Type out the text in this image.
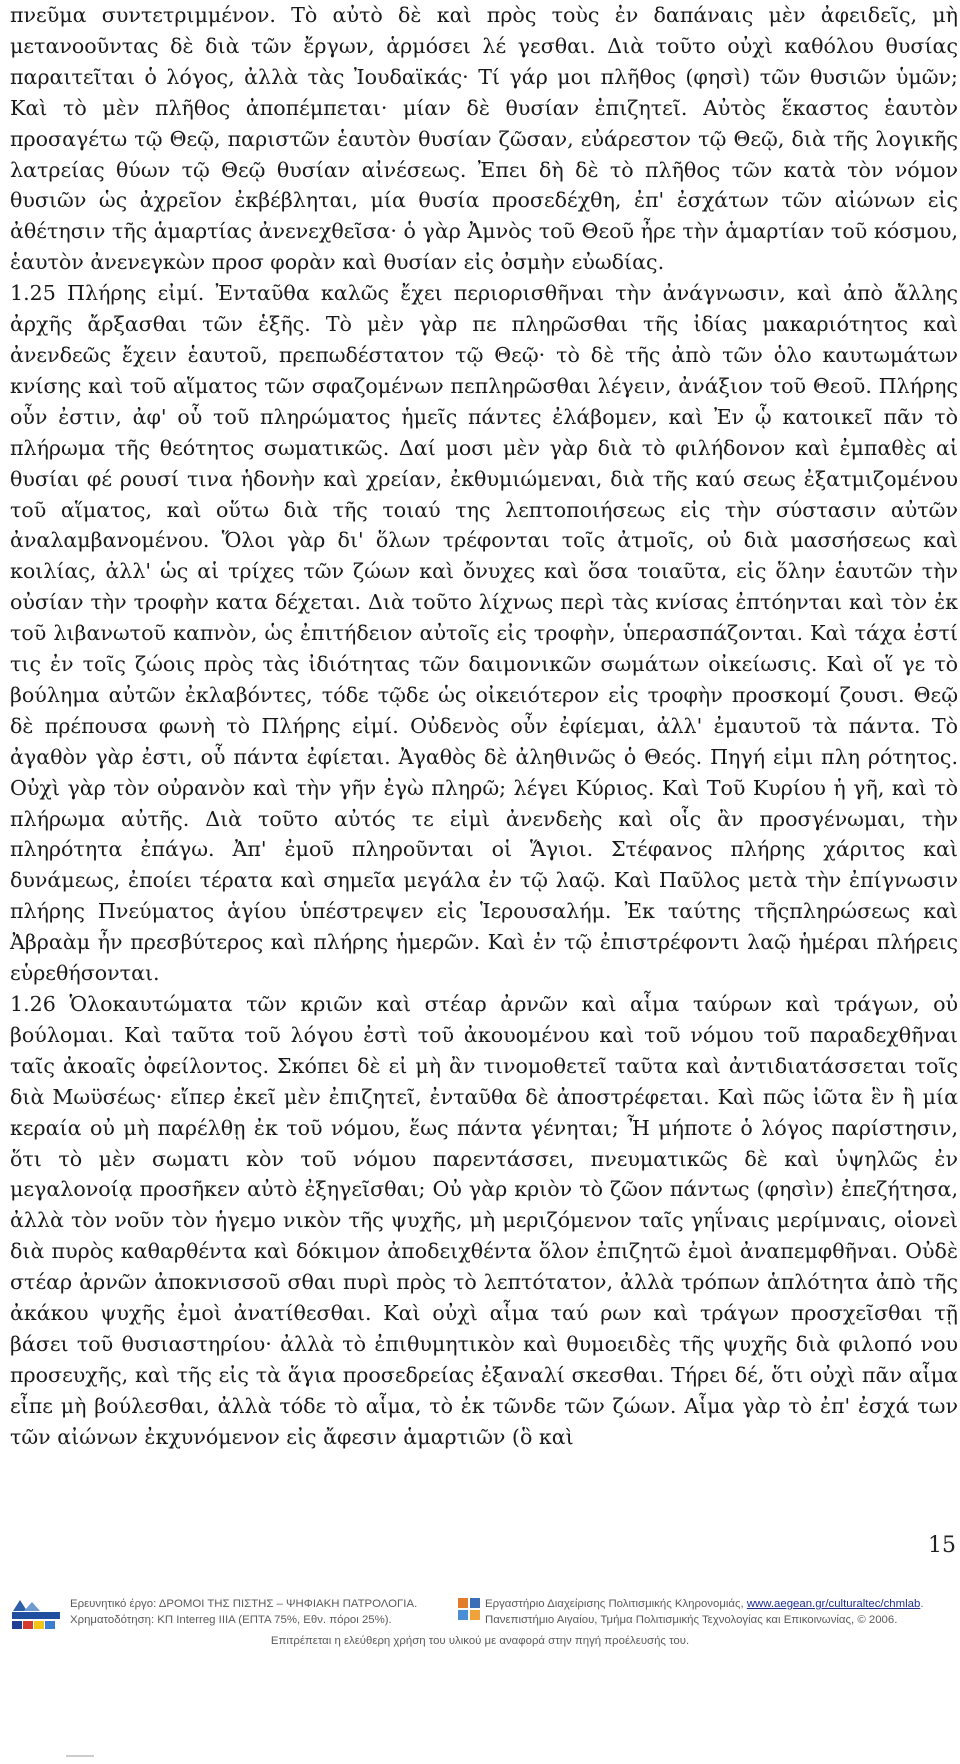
πνεῦμα συντετριμμένον. Τὸ αὐτὸ δὲ καὶ πρὸς τοὺς ἐν δαπάναις μὲν ἀφειδεῖς, μὴ μετανοοῦντας δὲ διὰ τῶν ἔργων, ἁρμόσει λέ γεσθαι. Διὰ τοῦτο οὐχὶ καθόλου θυσίας παραιτεῖται ὁ λόγος, ἀλλὰ τὰς Ἰουδαϊκάς· Τί γάρ μοι πλῆθος (φησὶ) τῶν θυσιῶν ὑμῶν; Καὶ τὸ μὲν πλῆθος ἀποπέμπεται· μίαν δὲ θυσίαν ἐπιζητεῖ. Αὐτὸς ἕκαστος ἑαυτὸν προσαγέτω τῷ Θεῷ, παριστῶν ἑαυτὸν θυσίαν ζῶσαν, εὐάρεστον τῷ Θεῷ, διὰ τῆς λογικῆς λατρείας θύων τῷ Θεῷ θυσίαν αἰνέσεως. Ἐπει δὴ δὲ τὸ πλῆθος τῶν κατὰ τὸν νόμον θυσιῶν ὡς ἀχρεῖον ἐκβέβληται, μία θυσία προσεδέχθη, ἐπ' ἐσχάτων τῶν αἰώνων εἰς ἀθέτησιν τῆς ἁμαρτίας ἀνενεχθεῖσα· ὁ γὰρ Ἀμνὸς τοῦ Θεοῦ ἦρε τὴν ἁμαρτίαν τοῦ κόσμου, ἑαυτὸν ἀνενεγκὼν προσ φορὰν καὶ θυσίαν εἰς ὀσμὴν εὐωδίας.

1.25 Πλήρης εἰμί. Ἐνταῦθα καλῶς ἔχει περιορισθῆναι τὴν ἀνάγνωσιν, καὶ ἀπὸ ἄλλης ἀρχῆς ἄρξασθαι τῶν ἑξῆς. Τὸ μὲν γὰρ πε πληρῶσθαι τῆς ἰδίας μακαριότητος καὶ ἀνενδεῶς ἔχειν ἑαυτοῦ, πρεπωδέστατον τῷ Θεῷ· τὸ δὲ τῆς ἀπὸ τῶν ὁλο καυτωμάτων κνίσης καὶ τοῦ αἵματος τῶν σφαζομένων πεπληρῶσθαι λέγειν, ἀνάξιον τοῦ Θεοῦ. Πλήρης οὖν ἐστιν, ἀφ' οὗ τοῦ πληρώματος ἡμεῖς πάντες ἐλάβομεν, καὶ Ἐν ᾧ κατοικεῖ πᾶν τὸ πλήρωμα τῆς θεότητος σωματικῶς. Δαί μοσι μὲν γὰρ διὰ τὸ φιλήδονον καὶ ἐμπαθὲς αἱ θυσίαι φέ ρουσί τινα ἡδονὴν καὶ χρείαν, ἐκθυμιώμεναι, διὰ τῆς καύ σεως ἐξατμιζομένου τοῦ αἵματος, καὶ οὕτω διὰ τῆς τοιαύ της λεπτοποιήσεως εἰς τὴν σύστασιν αὐτῶν ἀναλαμβανομένου. Ὅλοι γὰρ δι' ὅλων τρέφονται τοῖς ἀτμοῖς, οὐ διὰ μασσήσεως καὶ κοιλίας, ἀλλ' ὡς αἱ τρίχες τῶν ζώων καὶ ὄνυχες καὶ ὅσα τοιαῦτα, εἰς ὅλην ἑαυτῶν τὴν οὐσίαν τὴν τροφὴν κατα δέχεται. Διὰ τοῦτο λίχνως περὶ τὰς κνίσας ἐπτόηνται καὶ τὸν ἐκ τοῦ λιβανωτοῦ καπνὸν, ὡς ἐπιτήδειον αὐτοῖς εἰς τροφὴν, ὑπερασπάζονται. Καὶ τάχα ἐστί τις ἐν τοῖς ζώοις πρὸς τὰς ἰδιότητας τῶν δαιμονικῶν σωμάτων οἰκείωσις. Καὶ οἵ γε τὸ βούλημα αὐτῶν ἐκλαβόντες, τόδε τῷδε ὡς οἰκειότερον εἰς τροφὴν προσκομί ζουσι. Θεῷ δὲ πρέπουσα φωνὴ τὸ Πλήρης εἰμί. Οὐδενὸς οὖν ἐφίεμαι, ἀλλ' ἐμαυτοῦ τὰ πάντα. Τὸ ἀγαθὸν γὰρ ἐστι, οὗ πάντα ἐφίεται. Ἀγαθὸς δὲ ἀληθινῶς ὁ Θεός. Πηγή εἰμι πλη ρότητος. Οὐχὶ γὰρ τὸν οὐρανὸν καὶ τὴν γῆν ἐγὼ πληρῶ; λέγει Κύριος. Καὶ Τοῦ Κυρίου ἡ γῆ, καὶ τὸ πλήρωμα αὐτῆς. Διὰ τοῦτο αὐτός τε εἰμὶ ἀνενδεὴς καὶ οἷς ἂν προσγένωμαι, τὴν πληρότητα ἐπάγω. Ἀπ' ἐμοῦ πληροῦνται οἱ Ἅγιοι. Στέφανος πλήρης χάριτος καὶ δυνάμεως, ἐποίει τέρατα καὶ σημεῖα μεγάλα ἐν τῷ λαῷ. Καὶ Παῦλος μετὰ τὴν ἐπίγνωσιν πλήρης Πνεύματος ἁγίου ὑπέστρεψεν εἰς Ἱερουσαλήμ. Ἐκ ταύτης τῆςπληρώσεως καὶ Ἀβραὰμ ἦν πρεσβύτερος καὶ πλήρης ἡμερῶν. Καὶ ἐν τῷ ἐπιστρέφοντι λαῷ ἡμέραι πλήρεις εὑρεθήσονται.

1.26 Ὁλοκαυτώματα τῶν κριῶν καὶ στέαρ ἀρνῶν καὶ αἷμα ταύρων καὶ τράγων, οὐ βούλομαι. Καὶ ταῦτα τοῦ λόγου ἐστὶ τοῦ ἀκουομένου καὶ τοῦ νόμου τοῦ παραδεχθῆναι ταῖς ἀκοαῖς ὀφείλοντος. Σκόπει δὲ εἰ μὴ ἂν τινομοθετεῖ ταῦτα καὶ ἀντιδιατάσσεται τοῖς διὰ Μωϋσέως· εἴπερ ἐκεῖ μὲν ἐπιζητεῖ, ἐνταῦθα δὲ ἀποστρέφεται. Καὶ πῶς ἰῶτα ἓν ἢ μία κεραία οὐ μὴ παρέλθῃ ἐκ τοῦ νόμου, ἕως πάντα γένηται; Ἦ μήποτε ὁ λόγος παρίστησιν, ὅτι τὸ μὲν σωματι κὸν τοῦ νόμου παρεντάσσει, πνευματικῶς δὲ καὶ ὑψηλῶς ἐν μεγαλονοίᾳ προσῆκεν αὐτὸ ἐξηγεῖσθαι; Οὐ γὰρ κριὸν τὸ ζῶον πάντως (φησὶν) ἐπεζήτησα, ἀλλὰ τὸν νοῦν τὸν ἡγεμο νικὸν τῆς ψυχῆς, μὴ μεριζόμενον ταῖς γηΐναις μερίμναις, οἱονεὶ διὰ πυρὸς καθαρθέντα καὶ δόκιμον ἀποδειχθέντα ὅλον ἐπιζητῶ ἐμοὶ ἀναπεμφθῆναι. Οὐδὲ στέαρ ἀρνῶν ἀποκνισσοῦ σθαι πυρὶ πρὸς τὸ λεπτότατον, ἀλλὰ τρόπων ἁπλότητα ἀπὸ τῆς ἀκάκου ψυχῆς ἐμοὶ ἀνατίθεσθαι. Καὶ οὐχὶ αἷμα ταύ ρων καὶ τράγων προσχεῖσθαι τῇ βάσει τοῦ θυσιαστηρίου· ἀλλὰ τὸ ἐπιθυμητικὸν καὶ θυμοειδὲς τῆς ψυχῆς διὰ φιλοπό νου προσευχῆς, καὶ τῆς εἰς τὰ ἅγια προσεδρείας ἐξαναλί σκεσθαι. Τήρει δέ, ὅτι οὐχὶ πᾶν αἷμα εἶπε μὴ βούλεσθαι, ἀλλὰ τόδε τὸ αἷμα, τὸ ἐκ τῶνδε τῶν ζώων. Αἷμα γὰρ τὸ ἐπ' ἐσχά των τῶν αἰώνων ἐκχυνόμενον εἰς ἄφεσιν ἁμαρτιῶν (ὃ καὶ

15
Ερευνητικό έργο: ΔΡΟΜΟΙ ΤΗΣ ΠΙΣΤΗΣ – ΨΗΦΙΑΚΗ ΠΑΤΡΟΛΟΓΙΑ.
Χρηματοδότηση: ΚΠ Interreg IIIA (ΕΠΤΑ 75%, Εθν. πόροι 25%).
Εργαστήριο Διαχείρισης Πολιτισμικής Κληρονομιάς, www.aegean.gr/culturaltec/chmlab.
Πανεπιστήμιο Αιγαίου, Τμήμα Πολιτισμικής Τεχνολογίας και Επικοινωνίας, © 2006.
Επιτρέπεται η ελεύθερη χρήση του υλικού με αναφορά στην πηγή προέλευσής του.
